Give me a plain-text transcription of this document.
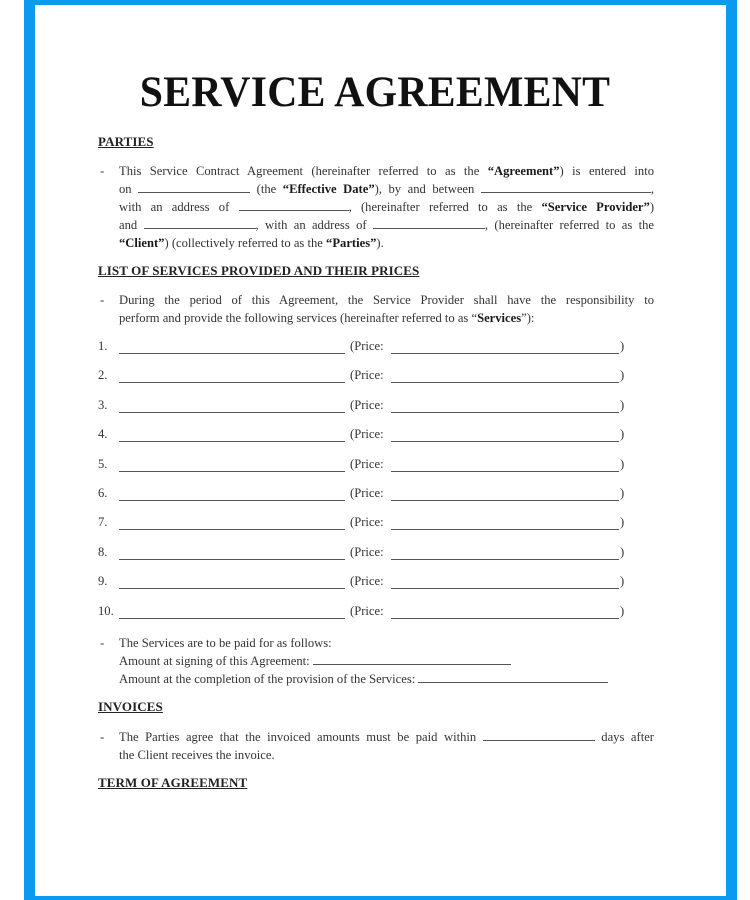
SERVICE AGREEMENT
PARTIES
- This Service Contract Agreement (hereinafter referred to as the “Agreement”) is entered into
on	(the “Effective Date”), by and between	,
with an address of	, (hereinafter referred to as the “Service Provider”)
and	, with an address of	, (hereinafter referred to as the
“Client”) (collectively referred to as the “Parties”).
LIST OF SERVICES PROVIDED AND THEIR PRICES
- During the period of this Agreement, the Service Provider shall have the responsibility to
perform and provide the following services (hereinafter referred to as “Services”):
1.	(Price:	)
2.	(Price:	)
3.	(Price:	)
4.	(Price:	)
5.	(Price:	)
6.	(Price:	)
7.	(Price:	)
8.	(Price:	)
9.	(Price:	)
10.	(Price:	)
- The Services are to be paid for as follows:
Amount at signing of this Agreement:
Amount at the completion of the provision of the Services:
INVOICES
- The Parties agree that the invoiced amounts must be paid within	days after
the Client receives the invoice.
TERM OF AGREEMENT
